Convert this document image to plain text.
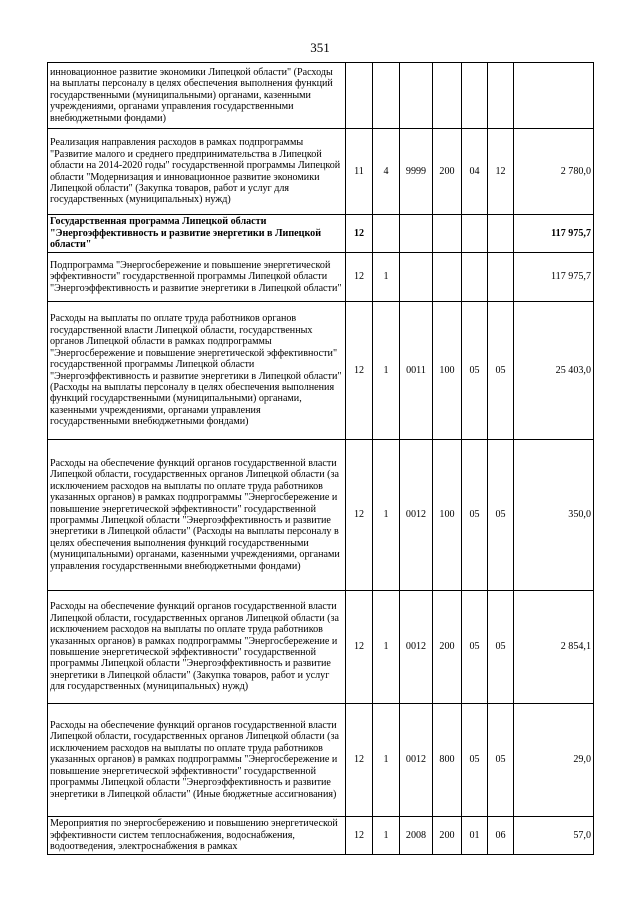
351
инновационное развитие экономики Липецкой области" (Расходы на выплаты персоналу в целях обеспечения выполнения функций государственными (муниципальными) органами, казенными учреждениями, органами управления государственными внебюджетными фондами)							
Реализация направления расходов в рамках подпрограммы "Развитие малого и среднего предпринимательства в Липецкой области на 2014-2020 годы" государственной программы Липецкой области "Модернизация и инновационное развитие экономики Липецкой области" (Закупка товаров, работ и услуг для государственных (муниципальных) нужд)	11	4	9999	200	04	12	2 780,0
Государственная программа Липецкой области "Энергоэффективность и развитие энергетики в Липецкой области"	12						117 975,7
Подпрограмма "Энергосбережение и повышение энергетической эффективности" государственной программы Липецкой области "Энергоэффективность и развитие энергетики в Липецкой области"	12	1					117 975,7
Расходы на выплаты по оплате труда работников органов государственной власти Липецкой области, государственных органов Липецкой области в рамках подпрограммы "Энергосбережение и повышение энергетической эффективности" государственной программы Липецкой области "Энергоэффективность и развитие энергетики в Липецкой области" (Расходы на выплаты персоналу в целях обеспечения выполнения функций государственными (муниципальными) органами, казенными учреждениями, органами управления государственными внебюджетными фондами)	12	1	0011	100	05	05	25 403,0
Расходы на обеспечение функций органов государственной власти Липецкой области, государственных органов Липецкой области (за исключением расходов на выплаты по оплате труда работников указанных органов) в рамках подпрограммы "Энергосбережение и повышение энергетической эффективности" государственной программы Липецкой области "Энергоэффективность и развитие энергетики в Липецкой области" (Расходы на выплаты персоналу в целях обеспечения выполнения функций государственными (муниципальными) органами, казенными учреждениями, органами управления государственными внебюджетными фондами)	12	1	0012	100	05	05	350,0
Расходы на обеспечение функций органов государственной власти Липецкой области, государственных органов Липецкой области (за исключением расходов на выплаты по оплате труда работников указанных органов) в рамках подпрограммы "Энергосбережение и повышение энергетической эффективности" государственной программы Липецкой области "Энергоэффективность и развитие энергетики в Липецкой области" (Закупка товаров, работ и услуг для государственных (муниципальных) нужд)	12	1	0012	200	05	05	2 854,1
Расходы на обеспечение функций органов государственной власти Липецкой области, государственных органов Липецкой области (за исключением расходов на выплаты по оплате труда работников указанных органов) в рамках подпрограммы "Энергосбережение и повышение энергетической эффективности" государственной программы Липецкой области "Энергоэффективность и развитие энергетики в Липецкой области" (Иные бюджетные ассигнования)	12	1	0012	800	05	05	29,0
Мероприятия по энергосбережению и повышению энергетической эффективности систем теплоснабжения, водоснабжения, водоотведения, электроснабжения в рамках	12	1	2008	200	01	06	57,0
